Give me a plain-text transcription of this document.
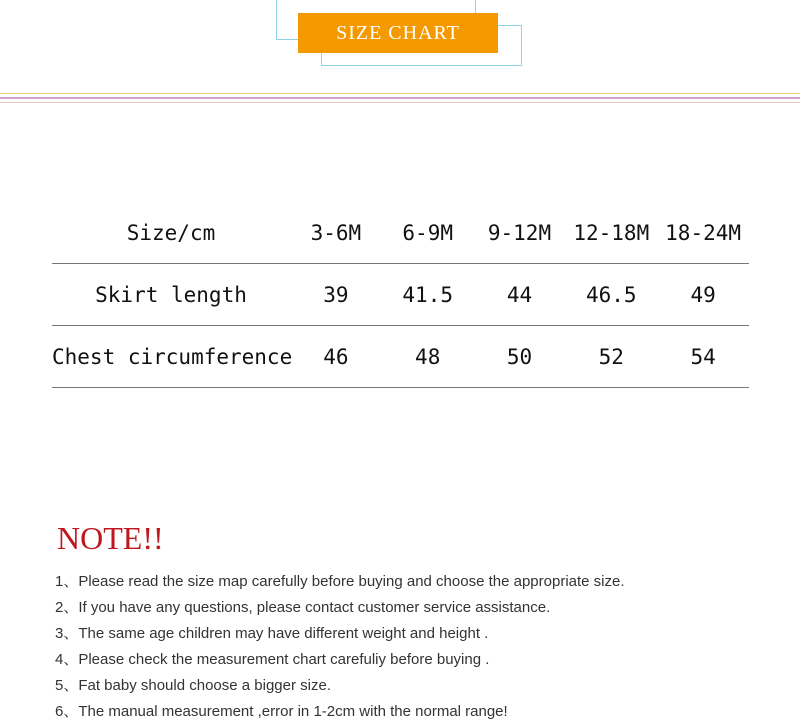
SIZE CHART
Size/cm	3-6M	6-9M	9-12M	12-18M 18-24M
Skirt length	39	41.5	44	46.5	49
Chest circumference	46	48	50	52	54
NOTE!!
1、Please read the size map carefully before buying and choose the appropriate size.
2、If you have any questions, please contact customer service assistance.
3、The same age children may have different weight and height .
4、Please check the measurement chart carefuliy before buying .
5、Fat baby should choose a bigger size.
6、The manual measurement ,error in 1-2cm with the normal range!
